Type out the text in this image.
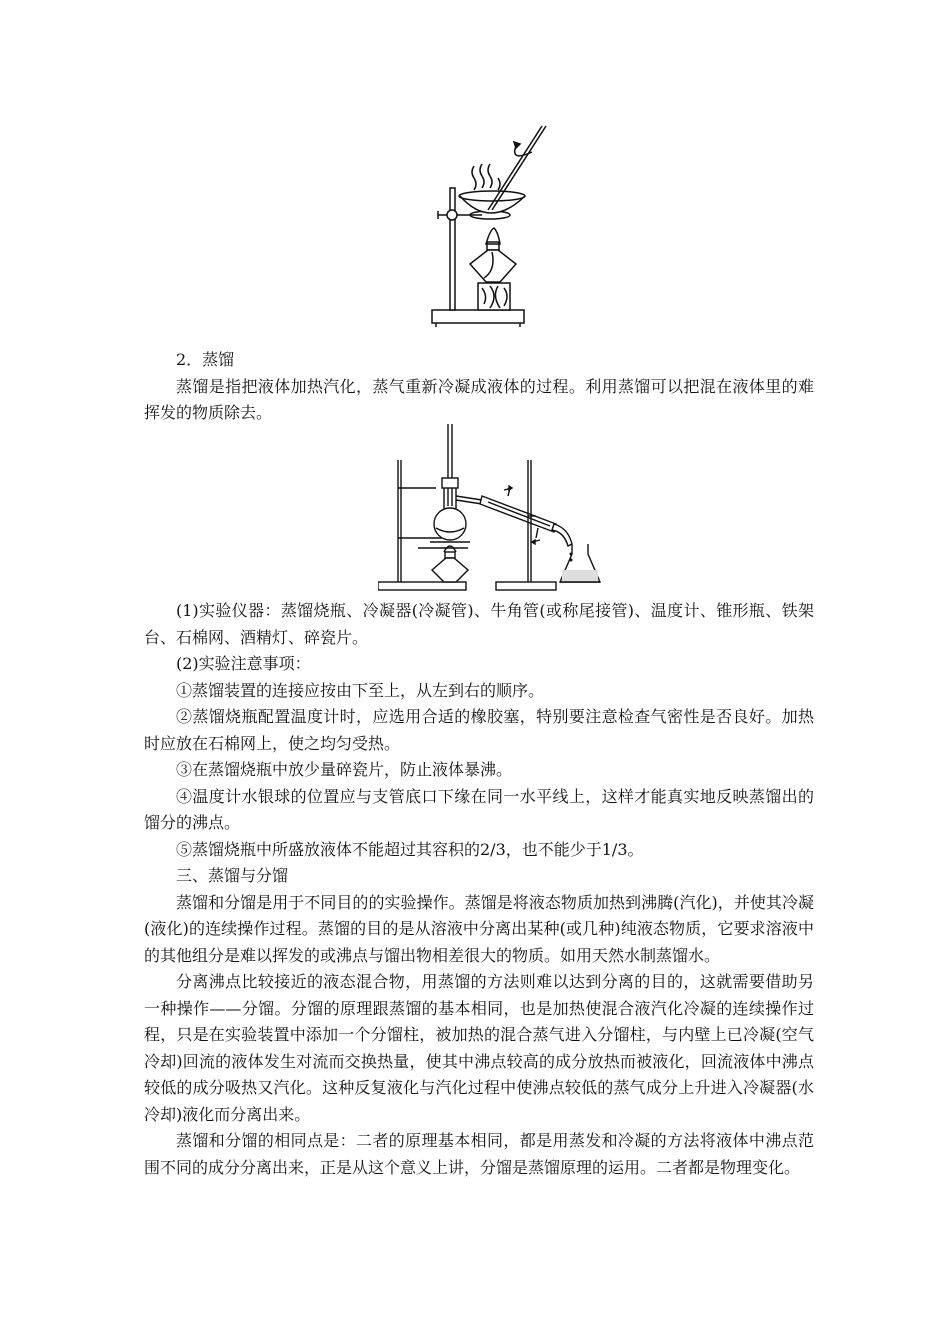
2．蒸馏

蒸馏是指把液体加热汽化，蒸气重新冷凝成液体的过程。利用蒸馏可以把混在液体里的难挥发的物质除去。

(1)实验仪器：蒸馏烧瓶、冷凝器(冷凝管)、牛角管(或称尾接管)、温度计、锥形瓶、铁架台、石棉网、酒精灯、碎瓷片。

(2)实验注意事项：

①蒸馏装置的连接应按由下至上，从左到右的顺序。

②蒸馏烧瓶配置温度计时，应选用合适的橡胶塞，特别要注意检查气密性是否良好。加热时应放在石棉网上，使之均匀受热。

③在蒸馏烧瓶中放少量碎瓷片，防止液体暴沸。

④温度计水银球的位置应与支管底口下缘在同一水平线上，这样才能真实地反映蒸馏出的馏分的沸点。

⑤蒸馏烧瓶中所盛放液体不能超过其容积的2/3，也不能少于1/3。

三、蒸馏与分馏

蒸馏和分馏是用于不同目的的实验操作。蒸馏是将液态物质加热到沸腾(汽化)，并使其冷凝(液化)的连续操作过程。蒸馏的目的是从溶液中分离出某种(或几种)纯液态物质，它要求溶液中的其他组分是难以挥发的或沸点与馏出物相差很大的物质。如用天然水制蒸馏水。

分离沸点比较接近的液态混合物，用蒸馏的方法则难以达到分离的目的，这就需要借助另一种操作——分馏。分馏的原理跟蒸馏的基本相同，也是加热使混合液汽化冷凝的连续操作过程，只是在实验装置中添加一个分馏柱，被加热的混合蒸气进入分馏柱，与内壁上已冷凝(空气冷却)回流的液体发生对流而交换热量，使其中沸点较高的成分放热而被液化，回流液体中沸点较低的成分吸热又汽化。这种反复液化与汽化过程中使沸点较低的蒸气成分上升进入冷凝器(水冷却)液化而分离出来。

蒸馏和分馏的相同点是：二者的原理基本相同，都是用蒸发和冷凝的方法将液体中沸点范围不同的成分分离出来，正是从这个意义上讲，分馏是蒸馏原理的运用。二者都是物理变化。
